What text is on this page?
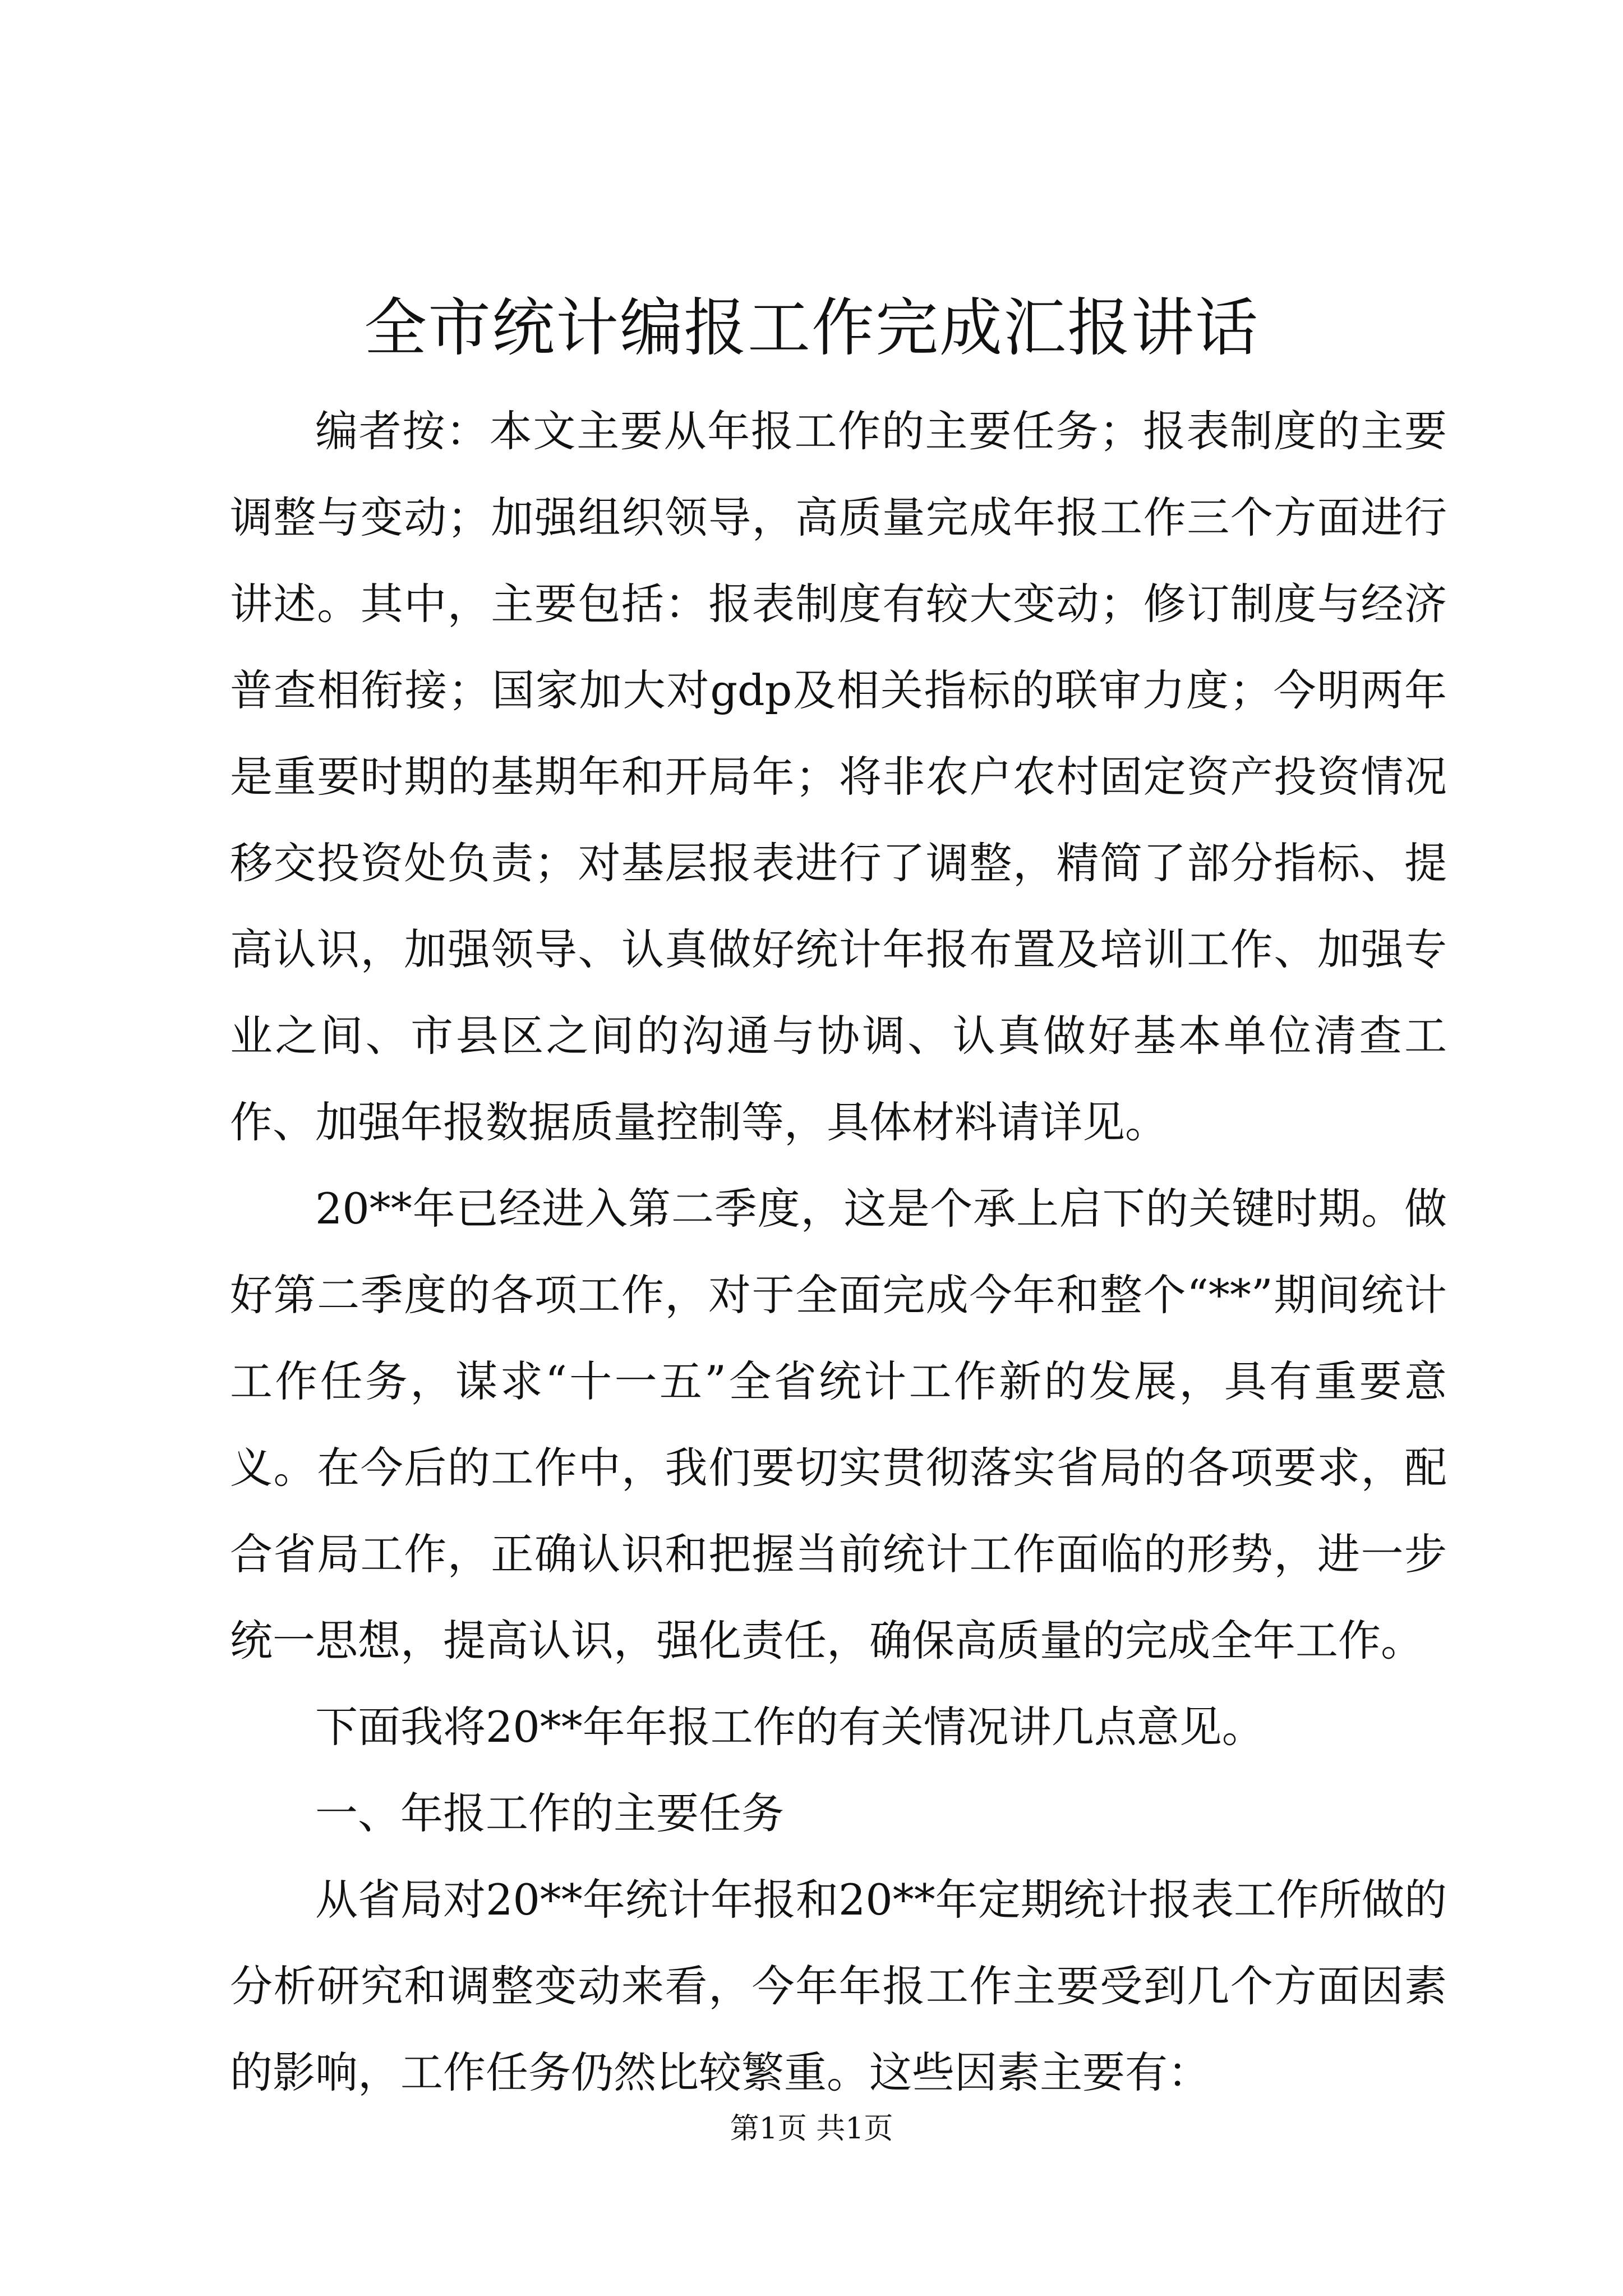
全市统计编报工作完成汇报讲话

编者按：本文主要从年报工作的主要任务；报表制度的主要调整与变动；加强组织领导，高质量完成年报工作三个方面进行讲述。其中，主要包括：报表制度有较大变动；修订制度与经济普查相衔接；国家加大对gdp及相关指标的联审力度；今明两年是重要时期的基期年和开局年；将非农户农村固定资产投资情况移交投资处负责；对基层报表进行了调整，精简了部分指标、提高认识，加强领导、认真做好统计年报布置及培训工作、加强专业之间、市县区之间的沟通与协调、认真做好基本单位清查工作、加强年报数据质量控制等，具体材料请详见。

20**年已经进入第二季度，这是个承上启下的关键时期。做好第二季度的各项工作，对于全面完成今年和整个“**”期间统计工作任务，谋求“十一五”全省统计工作新的发展，具有重要意义。在今后的工作中，我们要切实贯彻落实省局的各项要求，配合省局工作，正确认识和把握当前统计工作面临的形势，进一步统一思想，提高认识，强化责任，确保高质量的完成全年工作。

下面我将20**年年报工作的有关情况讲几点意见。

一、年报工作的主要任务

从省局对20**年统计年报和20**年定期统计报表工作所做的分析研究和调整变动来看，今年年报工作主要受到几个方面因素的影响，工作任务仍然比较繁重。这些因素主要有：

第1页 共1页
